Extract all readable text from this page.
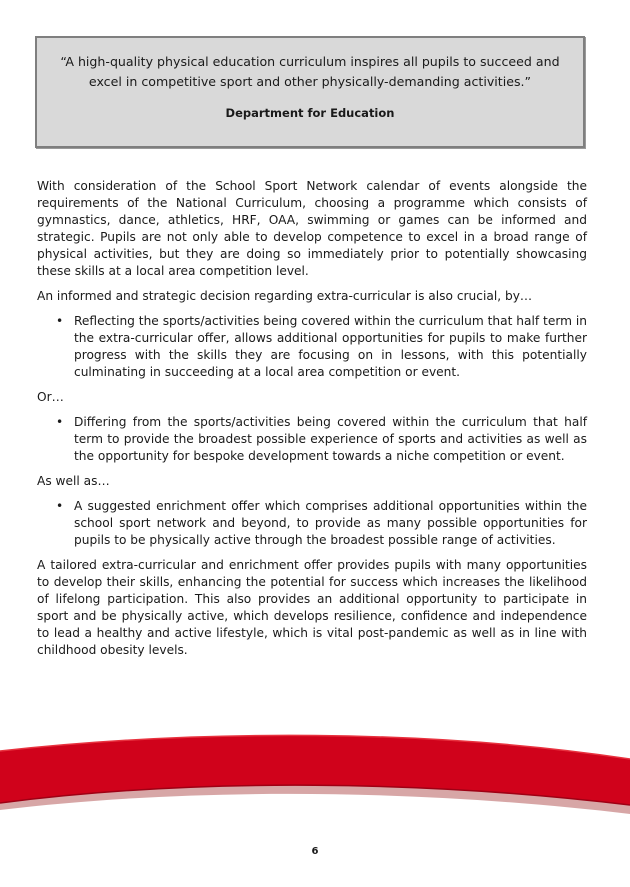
“A high-quality physical education curriculum inspires all pupils to succeed and excel in competitive sport and other physically-demanding activities.”

Department for Education

With consideration of the School Sport Network calendar of events alongside the requirements of the National Curriculum, choosing a programme which consists of gymnastics, dance, athletics, HRF, OAA, swimming or games can be informed and strategic. Pupils are not only able to develop competence to excel in a broad range of physical activities, but they are doing so immediately prior to potentially showcasing these skills at a local area competition level.

An informed and strategic decision regarding extra-curricular is also crucial, by…

• Reflecting the sports/activities being covered within the curriculum that half term in the extra-curricular offer, allows additional opportunities for pupils to make further progress with the skills they are focusing on in lessons, with this potentially culminating in succeeding at a local area competition or event.

Or…

• Differing from the sports/activities being covered within the curriculum that half term to provide the broadest possible experience of sports and activities as well as the opportunity for bespoke development towards a niche competition or event.

As well as…

• A suggested enrichment offer which comprises additional opportunities within the school sport network and beyond, to provide as many possible opportunities for pupils to be physically active through the broadest possible range of activities.

A tailored extra-curricular and enrichment offer provides pupils with many opportunities to develop their skills, enhancing the potential for success which increases the likelihood of lifelong participation. This also provides an additional opportunity to participate in sport and be physically active, which develops resilience, confidence and independence to lead a healthy and active lifestyle, which is vital post-pandemic as well as in line with childhood obesity levels.

6
